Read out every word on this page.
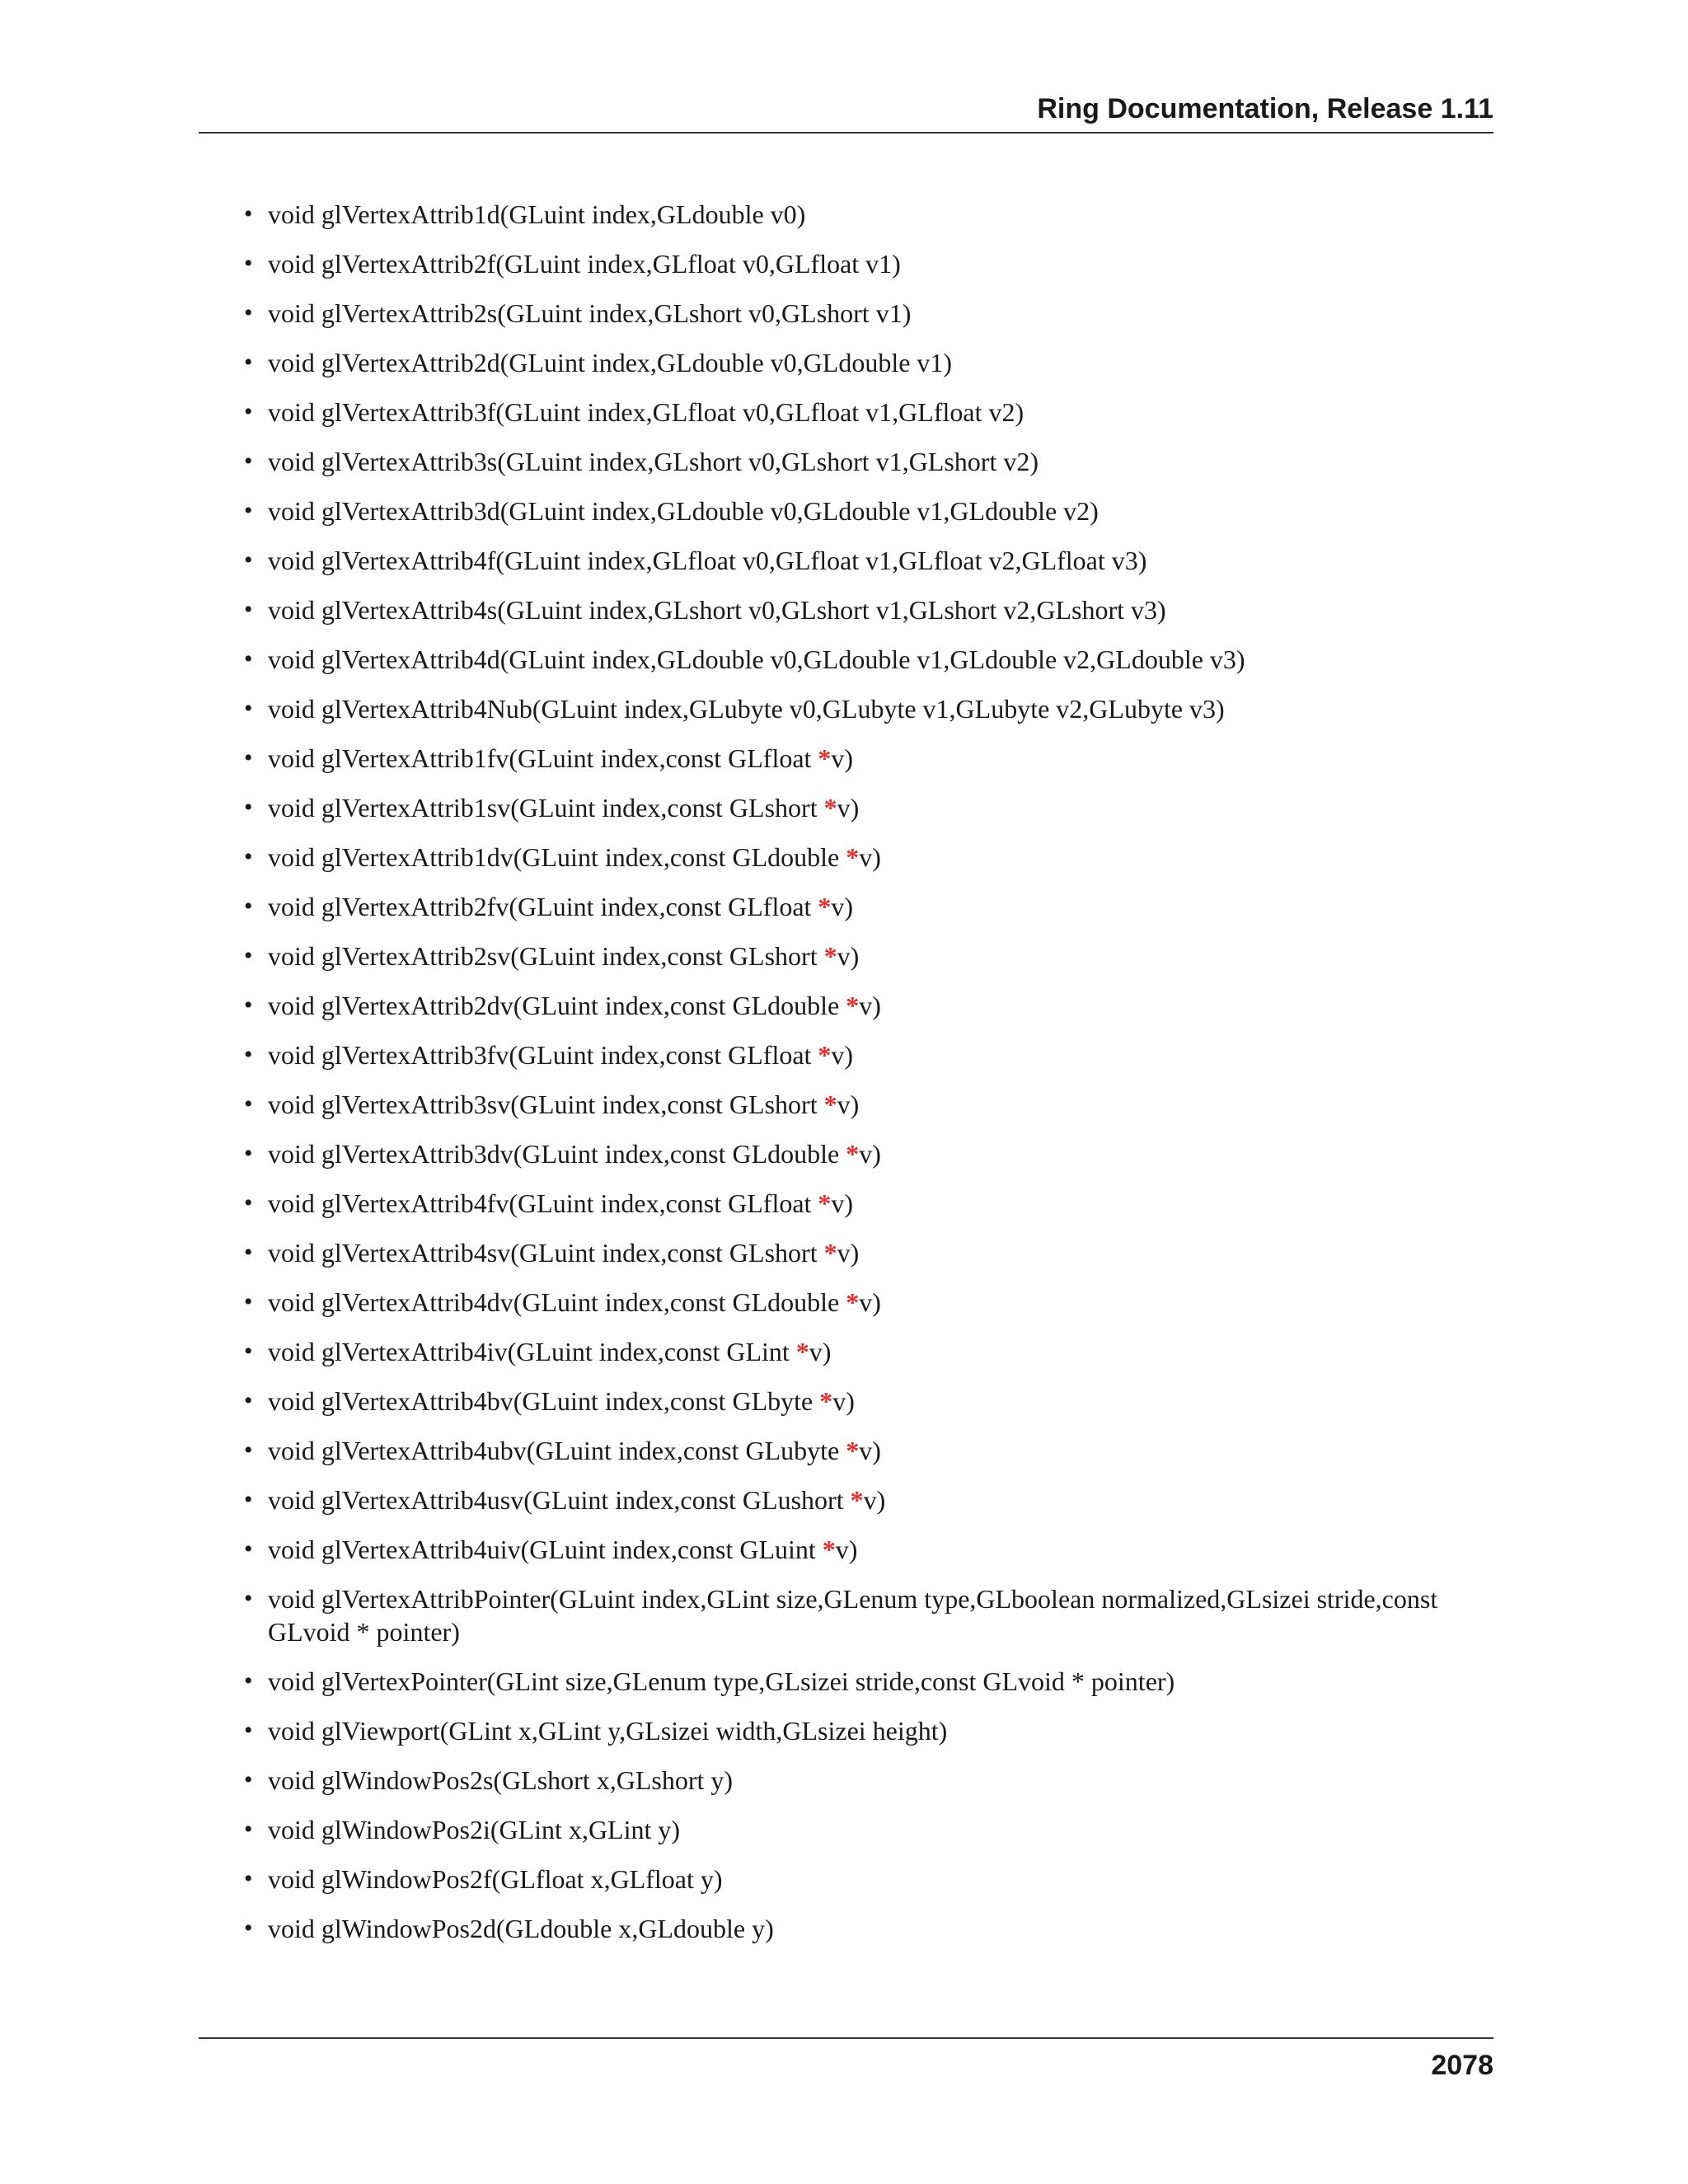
Ring Documentation, Release 1.11
• void glVertexAttrib1d(GLuint index,GLdouble v0)
• void glVertexAttrib2f(GLuint index,GLfloat v0,GLfloat v1)
• void glVertexAttrib2s(GLuint index,GLshort v0,GLshort v1)
• void glVertexAttrib2d(GLuint index,GLdouble v0,GLdouble v1)
• void glVertexAttrib3f(GLuint index,GLfloat v0,GLfloat v1,GLfloat v2)
• void glVertexAttrib3s(GLuint index,GLshort v0,GLshort v1,GLshort v2)
• void glVertexAttrib3d(GLuint index,GLdouble v0,GLdouble v1,GLdouble v2)
• void glVertexAttrib4f(GLuint index,GLfloat v0,GLfloat v1,GLfloat v2,GLfloat v3)
• void glVertexAttrib4s(GLuint index,GLshort v0,GLshort v1,GLshort v2,GLshort v3)
• void glVertexAttrib4d(GLuint index,GLdouble v0,GLdouble v1,GLdouble v2,GLdouble v3)
• void glVertexAttrib4Nub(GLuint index,GLubyte v0,GLubyte v1,GLubyte v2,GLubyte v3)
• void glVertexAttrib1fv(GLuint index,const GLfloat *v)
• void glVertexAttrib1sv(GLuint index,const GLshort *v)
• void glVertexAttrib1dv(GLuint index,const GLdouble *v)
• void glVertexAttrib2fv(GLuint index,const GLfloat *v)
• void glVertexAttrib2sv(GLuint index,const GLshort *v)
• void glVertexAttrib2dv(GLuint index,const GLdouble *v)
• void glVertexAttrib3fv(GLuint index,const GLfloat *v)
• void glVertexAttrib3sv(GLuint index,const GLshort *v)
• void glVertexAttrib3dv(GLuint index,const GLdouble *v)
• void glVertexAttrib4fv(GLuint index,const GLfloat *v)
• void glVertexAttrib4sv(GLuint index,const GLshort *v)
• void glVertexAttrib4dv(GLuint index,const GLdouble *v)
• void glVertexAttrib4iv(GLuint index,const GLint *v)
• void glVertexAttrib4bv(GLuint index,const GLbyte *v)
• void glVertexAttrib4ubv(GLuint index,const GLubyte *v)
• void glVertexAttrib4usv(GLuint index,const GLushort *v)
• void glVertexAttrib4uiv(GLuint index,const GLuint *v)
• void glVertexAttribPointer(GLuint index,GLint size,GLenum type,GLboolean normalized,GLsizei stride,const GLvoid * pointer)
• void glVertexPointer(GLint size,GLenum type,GLsizei stride,const GLvoid * pointer)
• void glViewport(GLint x,GLint y,GLsizei width,GLsizei height)
• void glWindowPos2s(GLshort x,GLshort y)
• void glWindowPos2i(GLint x,GLint y)
• void glWindowPos2f(GLfloat x,GLfloat y)
• void glWindowPos2d(GLdouble x,GLdouble y)
2078
